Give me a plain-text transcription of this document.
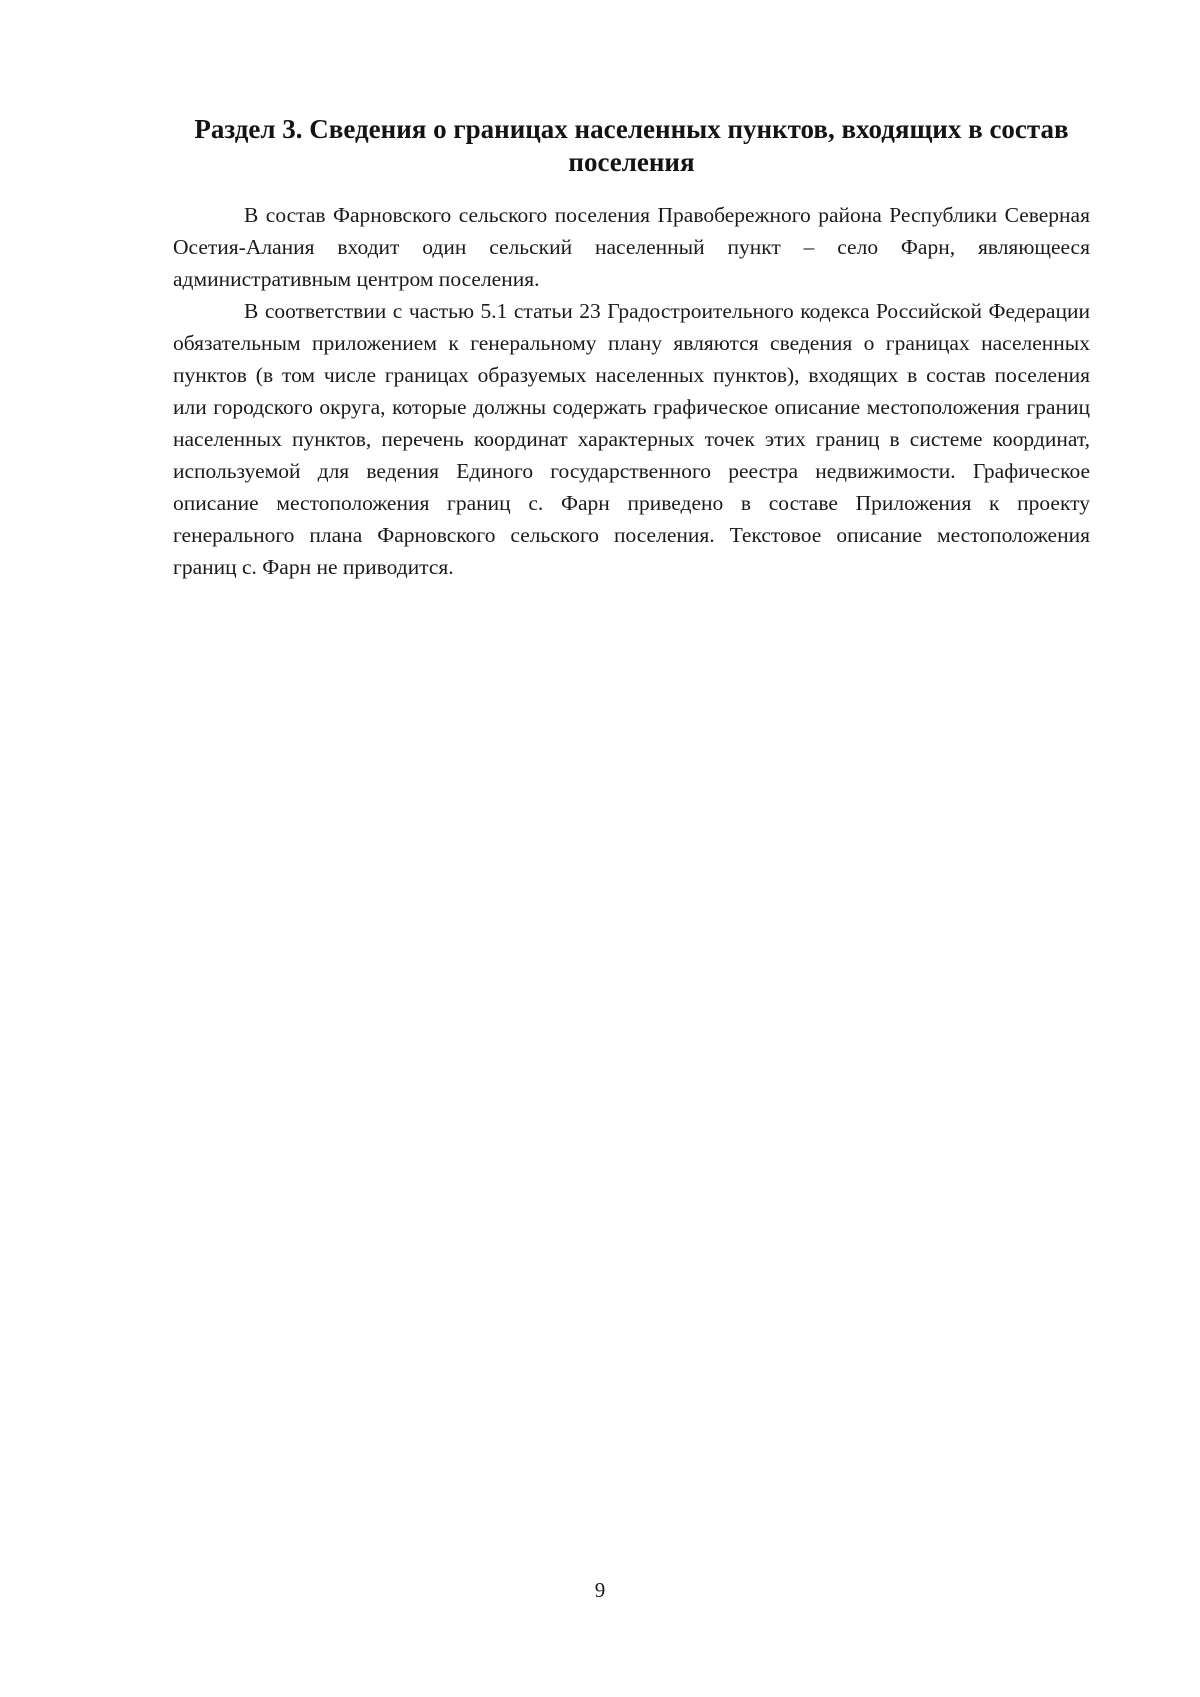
Раздел 3. Сведения о границах населенных пунктов, входящих в состав поселения

В состав Фарновского сельского поселения Правобережного района Республики Северная Осетия-Алания входит один сельский населенный пункт – село Фарн, являющееся административным центром поселения.

В соответствии с частью 5.1 статьи 23 Градостроительного кодекса Российской Федерации обязательным приложением к генеральному плану являются сведения о границах населенных пунктов (в том числе границах образуемых населенных пунктов), входящих в состав поселения или городского округа, которые должны содержать графическое описание местоположения границ населенных пунктов, перечень координат характерных точек этих границ в системе координат, используемой для ведения Единого государственного реестра недвижимости. Графическое описание местоположения границ с. Фарн приведено в составе Приложения к проекту генерального плана Фарновского сельского поселения. Текстовое описание местоположения границ с. Фарн не приводится.

9
